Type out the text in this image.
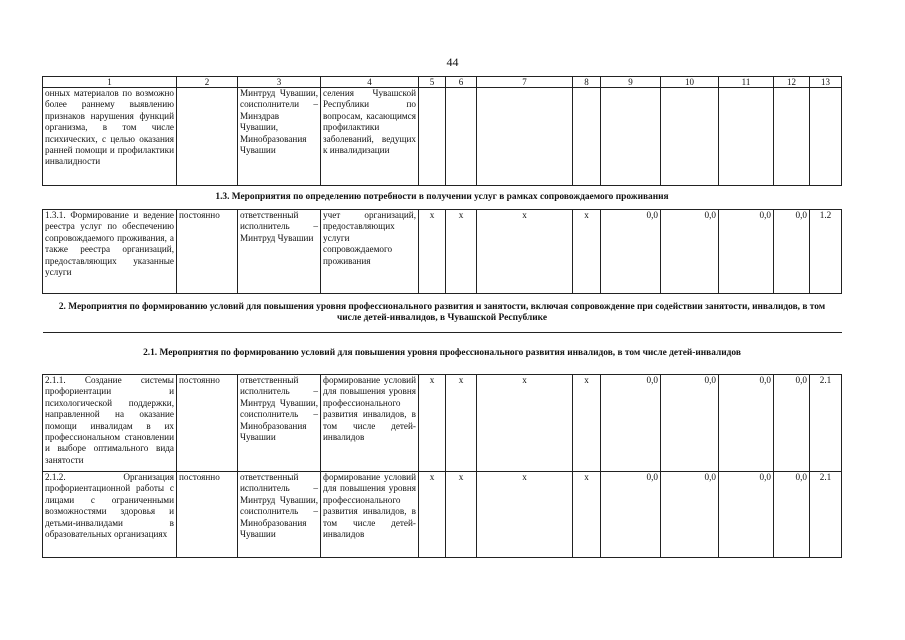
44
1	2	3	4	5	6	7	8	9	10	11	12	13
онных материалов по возможно более раннему выявлению признаков нарушения функций организма, в том числе психических, с целью оказания ранней помощи и профилактики инвалидности		Минтруд Чувашии, соисполнители – Минздрав Чувашии, Минобразования Чувашии	селения Чувашской Республики по вопросам, касающимся профилактики заболеваний, ведущих к инвалидизации									
1.3. Мероприятия по определению потребности в получении услуг в рамках сопровождаемого проживания												
1.3.1. Формирование и ведение реестра услуг по обеспечению сопровождаемого проживания, а также реестра организаций, предоставляющих указанные услуги	постоянно	ответственный исполнитель – Минтруд Чувашии	учет организаций, предоставляющих услуги сопровождаемого проживания	х	х	х	х	0,0	0,0	0,0	0,0	1.2
2. Мероприятия по формированию условий для повышения уровня профессионального развития и занятости, включая сопровождение при содействии занятости, инвалидов, в том числе детей-инвалидов, в Чувашской Республике												
2.1. Мероприятия по формированию условий для повышения уровня профессионального развития инвалидов, в том числе детей-инвалидов												
2.1.1. Создание системы профориентации и психологической поддержки, направленной на оказание помощи инвалидам в их профессиональном становлении и выборе оптимального вида занятости	постоянно	ответственный исполнитель – Минтруд Чувашии, соисполнитель – Минобразования Чувашии	формирование условий для повышения уровня профессионального развития инвалидов, в том числе детей-инвалидов	х	х	х	х	0,0	0,0	0,0	0,0	2.1
2.1.2. Организация профориентационной работы с лицами с ограниченными возможностями здоровья и детьми-инвалидами в образовательных организациях	постоянно	ответственный исполнитель – Минтруд Чувашии, соисполнитель – Минобразования Чувашии	формирование условий для повышения уровня профессионального развития инвалидов, в том числе детей-инвалидов	х	х	х	х	0,0	0,0	0,0	0,0	2.1
